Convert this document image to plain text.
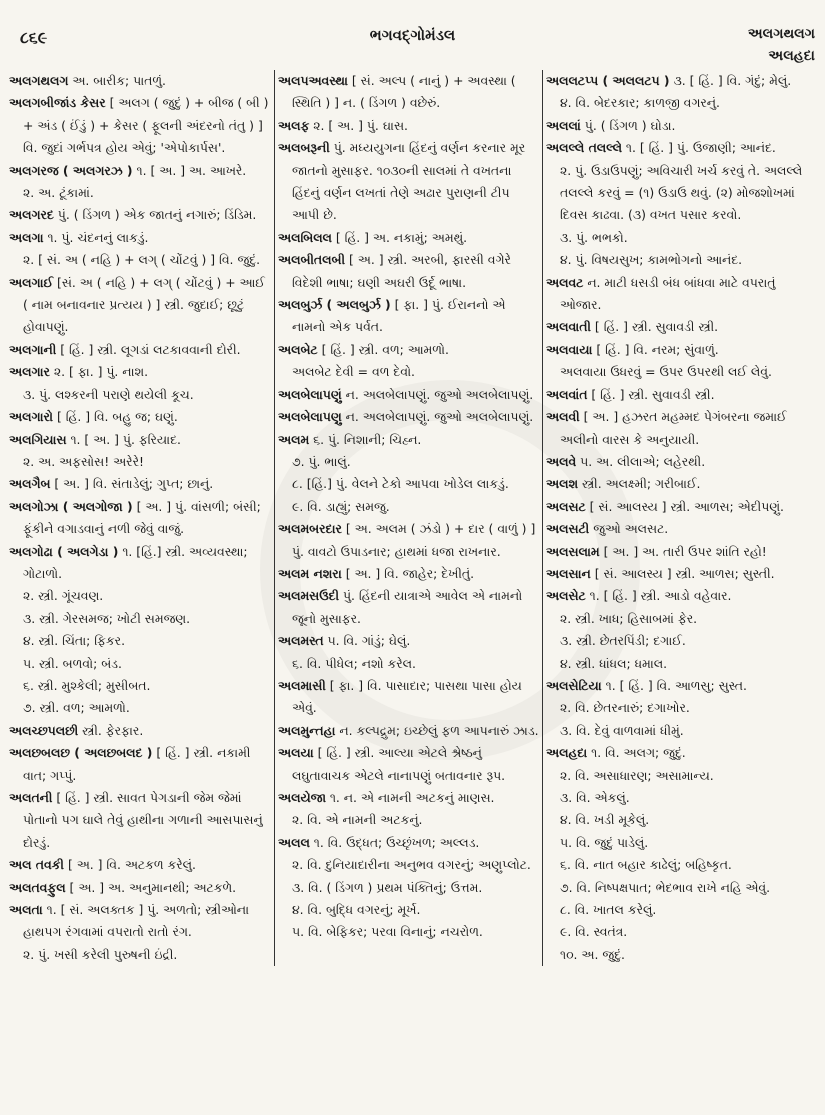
૮૬૯	ભગવદ્ગોમંડલ	અલગથલગ
અલહદા

અલગથલગ અ. બારીક; પાતળું.

અલગબીજાંડ કેસર [ અલગ ( જુદું ) + બીજ ( બી ) + અંડ ( ઈંડું ) + કેસર ( ફૂલની અંદરનો તંતુ ) ] વિ. જુદાં ગર્ભપત્ર હોય એવું; 'એપોકાર્પસ'.

અલગરજ ( અલગરઝ ) ૧. [ અ. ] અ. આખરે.

૨. અ. ટૂંકામાં.

અલગરદ પું. ( ડિંગળ ) એક જાતનું નગારું; ડિંડિમ.

અલગા ૧. પું. ચંદનનું લાકડું.

૨. [ સં. અ ( નહિ ) + લગ્ ( ચોંટવું ) ] વિ. જુદું.

અલગાઈ [સં. અ ( નહિ ) + લગ્ ( ચોંટવું ) + આઈ ( નામ બનાવનાર પ્રત્યય ) ] સ્ત્રી. જુદાઈ; છૂટું હોવાપણું.

અલગાની [ હિં. ] સ્ત્રી. લૂગડાં લટકાવવાની દોરી.

અલગાર ૨. [ ફા. ] પું. નાશ.

૩. પું. લશ્કરની પરાણે થયેલી કૂચ.

અલગારો [ હિં. ] વિ. બહુ જ; ઘણું.

અલગિયાસ ૧. [ અ. ] પું. ફરિયાદ.

૨. અ. અફસોસ! અરેરે!

અલગૈબ [ અ. ] વિ. સંતાડેલું; ગુપ્ત; છાનું.

અલગોઝા ( અલગોજા ) [ અ. ] પું. વાંસળી; બંસી; ફૂંકીને વગાડવાનું નળી જેવું વાજું.

અલગોઢા ( અલગેડા ) ૧. [હિં.] સ્ત્રી. અવ્યવસ્થા; ગોટાળો.

૨. સ્ત્રી. ગૂંચવણ.

૩. સ્ત્રી. ગેરસમજ; ખોટી સમજણ.

૪. સ્ત્રી. ચિંતા; ફિકર.

૫. સ્ત્રી. બળવો; બંડ.

૬. સ્ત્રી. મુશ્કેલી; મુસીબત.

૭. સ્ત્રી. વળ; આમળો.

અલચ્છપલછી સ્ત્રી. ફેરફાર.

અલછબલછ ( અલછબલદ ) [ હિં. ] સ્ત્રી. નકામી વાત; ગપ્પું.

અલતની [ હિં. ] સ્ત્રી. સાવત પેગડાની જેમ જેમાં પોતાનો પગ ઘાલે તેવું હાથીના ગળાની આસપાસનું દોરડું.

અલ તવકી [ અ. ] વિ. અટકળ કરેલું.

અલતવફુલ [ અ. ] અ. અનુમાનથી; અટકળે.

અલતા ૧. [ સં. અલક્તક ] પું. અળતો; સ્ત્રીઓના હાથપગ રંગવામાં વપરાતો રાતો રંગ.

૨. પું. ખસી કરેલી પુરુષની ઇંદ્રી.

અલપઅવસ્થા [ સં. અલ્પ ( નાનું ) + અવસ્થા ( સ્થિતિ ) ] ન. ( ડિંગળ ) વછેરું.

અલફ ૨. [ અ. ] પું. ઘાસ.

અલબરૂની પું. મધ્યયુગના હિંદનું વર્ણન કરનાર મૂર જાતનો મુસાફર. ૧૦૩૦ની સાલમાં તે વખતના હિંદનું વર્ણન લખતાં તેણે અઢાર પુરાણની ટીપ આપી છે.

અલબિલલ [ હિં. ] અ. નકામું; અમથું.

અલબીતલબી [ અ. ] સ્ત્રી. અરબી, ફારસી વગેરે વિદેશી ભાષા; ઘણી અઘરી ઉર્દૂ ભાષા.

અલબુર્ઝ ( અલબુર્ઝ ) [ ફા. ] પું. ઈરાનનો એ નામનો એક પર્વત.

અલબેટ [ હિં. ] સ્ત્રી. વળ; આમળો.

અલબેટ દેવી = વળ દેવો.

અલબેલાપણું ન. અલબેલાપણું. જુઓ અલબેલાપણું.

અલબેલાપણુ ન. અલબેલાપણું. જુઓ અલબેલાપણું.

અલમ ૬. પું. નિશાની; ચિહ્ન.

૭. પું. ભાલું.

૮. [હિં.] પું. વેલને ટેકો આપવા ખોડેલ લાકડું.

૯. વિ. ડાહ્યું; સમજુ.

અલમબરદાર [ અ. અલમ ( ઝંડો ) + દાર ( વાળું ) ] પું. વાવટો ઉપાડનાર; હાથમાં ધજા રાખનાર.

અલમ નશરા [ અ. ] વિ. જાહેર; દેખીતું.

અલમસઉદી પું. હિંદની યાત્રાએ આવેલ એ નામનો જૂનો મુસાફર.

અલમસ્ત ૫. વિ. ગાંડું; ઘેલું.

૬. વિ. પીધેલ; નશો કરેલ.

અલમાસી [ ફા. ] વિ. પાસાદાર; પાસથા પાસા હોય એવું.

અલમુન્તહા ન. કલ્પદ્રુમ; ઇચ્છેલું ફળ આપનારું ઝાડ.

અલયા [ હિં. ] સ્ત્રી. આલ્યા એટલે શ્રેષ્ઠનું લઘુતાવાચક એટલે નાનાપણું બતાવનાર રૂપ.

અલયેજા ૧. ન. એ નામની અટકનું માણસ.

૨. વિ. એ નામની અટકનું.

અલલ ૧. વિ. ઉદ્ધત; ઉચ્છૃંખળ; અલ્લડ.

૨. વિ. દુનિયાદારીના અનુભવ વગરનું; અણુપ્લોટ.

૩. વિ. ( ડિંગળ ) પ્રથમ પંક્તિનું; ઉત્તમ.

૪. વિ. બુદ્ધિ વગરનું; મૂર્ખ.

૫. વિ. બેફિકર; પરવા વિનાનું; નચરોળ.

અલલટપ્પ ( અલલટપ ) ૩. [ હિં. ] વિ. ગંદું; મેલું.

૪. વિ. બેદરકાર; કાળજી વગરનું.

અલલાં પું. ( ડિંગળ ) ઘોડા.

અલલ્લે તલલ્લે ૧. [ હિં. ] પું. ઉજાણી; આનંદ.

૨. પું. ઉડાઉપણું; અવિચારી ખર્ચ કરવું તે. અલલ્લે તલલ્લે કરવું = (૧) ઉડાઉ થવું. (૨) મોજશોખમાં દિવસ કાઢવા. (૩) વખત પસાર કરવો.

૩. પું. ભભકો.

૪. પું. વિષયસુખ; કામભોગનો આનંદ.

અલવટ ન. માટી ધસડી બંધ બાંધવા માટે વપરાતું ઓજાર.

અલવાતી [ હિં. ] સ્ત્રી. સુવાવડી સ્ત્રી.

અલવાયા [ હિં. ] વિ. નરમ; સુંવાળું.

અલવાયા ઉધરવું = ઉપર ઉપરથી લઈ લેવું.

અલવાંત [ હિં. ] સ્ત્રી. સુવાવડી સ્ત્રી.

અલવી [ અ. ] હઝરત મહમ્મદ પેગંબરના જમાઈ અલીનો વારસ કે અનુયાયી.

અલવે ૫. અ. લીલાએ; લહેરથી.

અલશ સ્ત્રી. અલક્ષ્મી; ગરીબાઈ.

અલસટ [ સં. આલસ્ય ] સ્ત્રી. આળસ; એદીપણું.

અલસટી જુઓ અલસટ.

અલસલામ [ અ. ] અ. તારી ઉપર શાંતિ રહો!

અલસાન [ સં. આલસ્ય ] સ્ત્રી. આળસ; સુસ્તી.

અલસેટ ૧. [ હિં. ] સ્ત્રી. આડો વહેવાર.

૨. સ્ત્રી. ખાધ; હિસાબમાં ફેર.

૩. સ્ત્રી. છેતરપિંડી; દગાઈ.

૪. સ્ત્રી. ધાંધલ; ધમાલ.

અલસેટિયા ૧. [ હિં. ] વિ. આળસુ; સુસ્ત.

૨. વિ. છેતરનારું; દગાખોર.

૩. વિ. દેવું વાળવામાં ધીમું.

અલહદા ૧. વિ. અલગ; જુદું.

૨. વિ. અસાધારણ; અસામાન્ય.

૩. વિ. એકલું.

૪. વિ. ખડી મૂકેલું.

૫. વિ. જુદું પાડેલું.

૬. વિ. નાત બહાર કાઢેલું; બહિષ્કૃત.

૭. વિ. નિષ્પક્ષપાત; ભેદભાવ રાખે નહિ એવું.

૮. વિ. ખાતલ કરેલું.

૯. વિ. સ્વતંત્ર.

૧૦. અ. જુદું.
